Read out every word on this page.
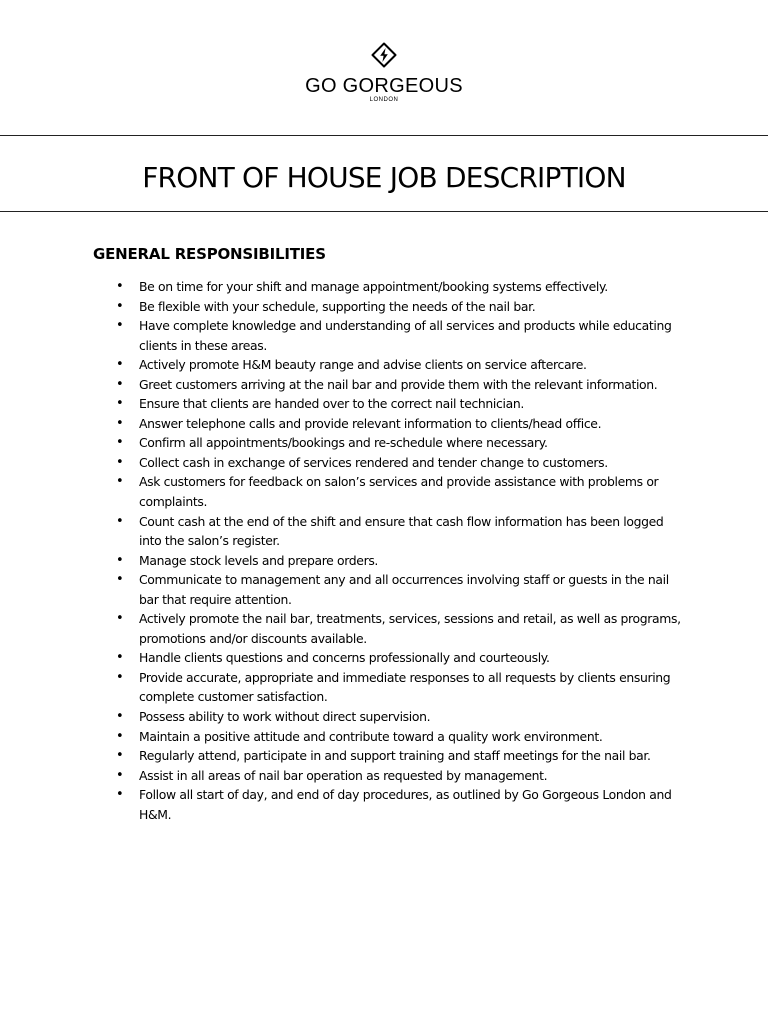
GO GORGEOUS
LONDON
FRONT OF HOUSE JOB DESCRIPTION
GENERAL RESPONSIBILITIES
• Be on time for your shift and manage appointment/booking systems effectively.
• Be flexible with your schedule, supporting the needs of the nail bar.
• Have complete knowledge and understanding of all services and products while educating clients in these areas.
• Actively promote H&M beauty range and advise clients on service aftercare.
• Greet customers arriving at the nail bar and provide them with the relevant information.
• Ensure that clients are handed over to the correct nail technician.
• Answer telephone calls and provide relevant information to clients/head office.
• Confirm all appointments/bookings and re-schedule where necessary.
• Collect cash in exchange of services rendered and tender change to customers.
• Ask customers for feedback on salon’s services and provide assistance with problems or complaints.
• Count cash at the end of the shift and ensure that cash flow information has been logged into the salon’s register.
• Manage stock levels and prepare orders.
• Communicate to management any and all occurrences involving staff or guests in the nail bar that require attention.
• Actively promote the nail bar, treatments, services, sessions and retail, as well as programs, promotions and/or discounts available.
• Handle clients questions and concerns professionally and courteously.
• Provide accurate, appropriate and immediate responses to all requests by clients ensuring complete customer satisfaction.
• Possess ability to work without direct supervision.
• Maintain a positive attitude and contribute toward a quality work environment.
• Regularly attend, participate in and support training and staff meetings for the nail bar.
• Assist in all areas of nail bar operation as requested by management.
• Follow all start of day, and end of day procedures, as outlined by Go Gorgeous London and H&M.
